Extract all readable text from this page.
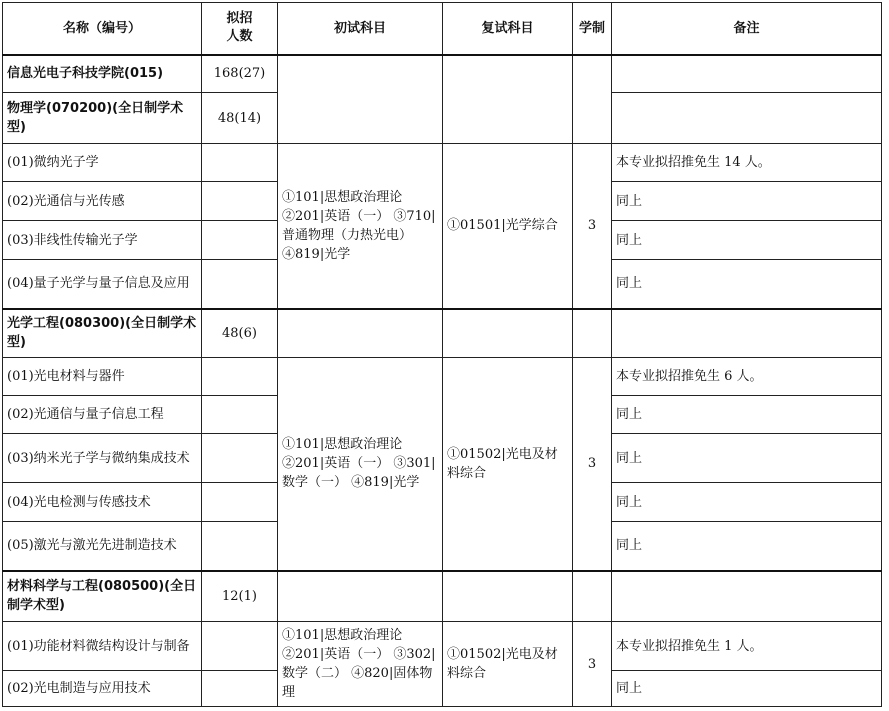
名称（编号）	拟招人数	初试科目	复试科目	学制	备注
信息光电子科技学院(015)	168(27)				
物理学(070200)(全日制学术型)	48(14)				
(01)微纳光子学		①101|思想政治理论 ②201|英语（一） ③710|普通物理（力热光电） ④819|光学	①01501|光学综合	3	本专业拟招推免生 14 人。
(02)光通信与光传感					同上
(03)非线性传输光子学					同上
(04)量子光学与量子信息及应用					同上
光学工程(080300)(全日制学术型)	48(6)				
(01)光电材料与器件		①101|思想政治理论 ②201|英语（一） ③301|数学（一） ④819|光学	①01502|光电及材料综合	3	本专业拟招推免生 6 人。
(02)光通信与量子信息工程					同上
(03)纳米光子学与微纳集成技术					同上
(04)光电检测与传感技术					同上
(05)激光与激光先进制造技术					同上
材料科学与工程(080500)(全日制学术型)	12(1)				
(01)功能材料微结构设计与制备		①101|思想政治理论 ②201|英语（一） ③302|数学（二） ④820|固体物理	①01502|光电及材料综合	3	本专业拟招推免生 1 人。
(02)光电制造与应用技术					同上
